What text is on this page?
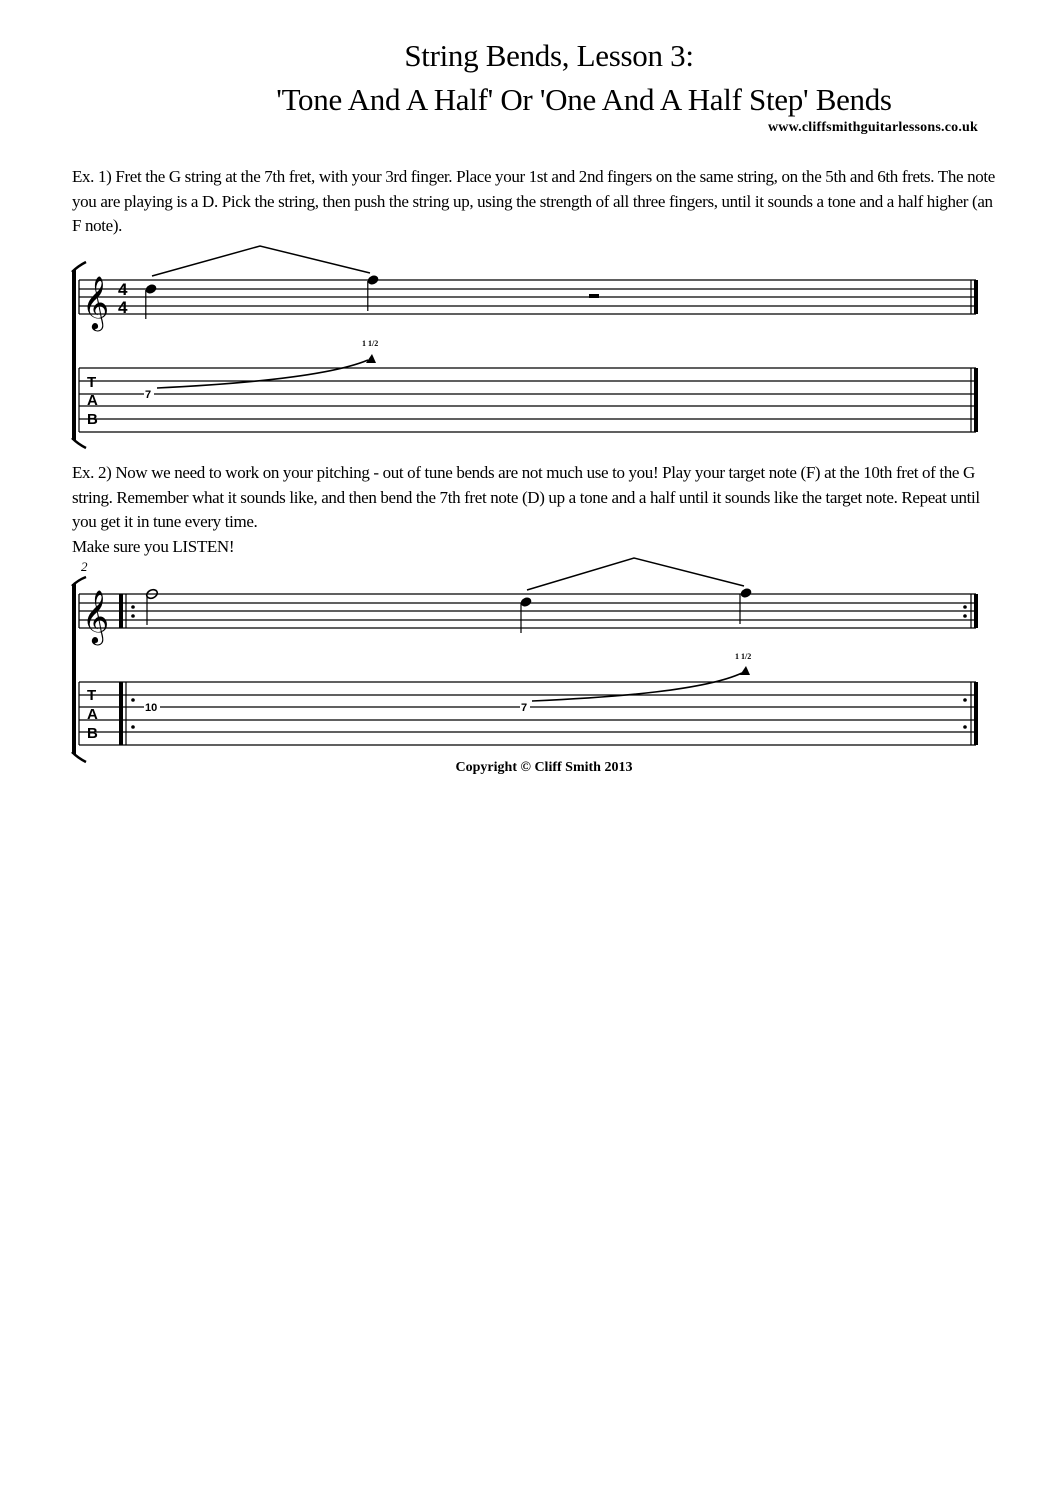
String Bends, Lesson 3:
'Tone And A Half' Or 'One And A Half Step' Bends
www.cliffsmithguitarlessons.co.uk
Ex. 1) Fret the G string at the 7th fret, with your 3rd finger. Place your 1st and 2nd fingers on the same string, on the 5th and 6th frets. The note you are playing is a D. Pick the string, then push the string up, using the strength of all three fingers, until it sounds a tone and a half higher (an F note).
Ex. 2) Now we need to work on your pitching - out of tune bends are not much use to you! Play your target note (F) at the 10th fret of the G string. Remember what it sounds like, and then bend the 7th fret note (D) up a tone and a half until it sounds like the target note. Repeat until you get it in tune every time.
Make sure you LISTEN!
𝄞 4
4
T
A
B
7
1 1/2
2
𝄞
T
A
B
10	7
1 1/2
Copyright © Cliff Smith 2013
